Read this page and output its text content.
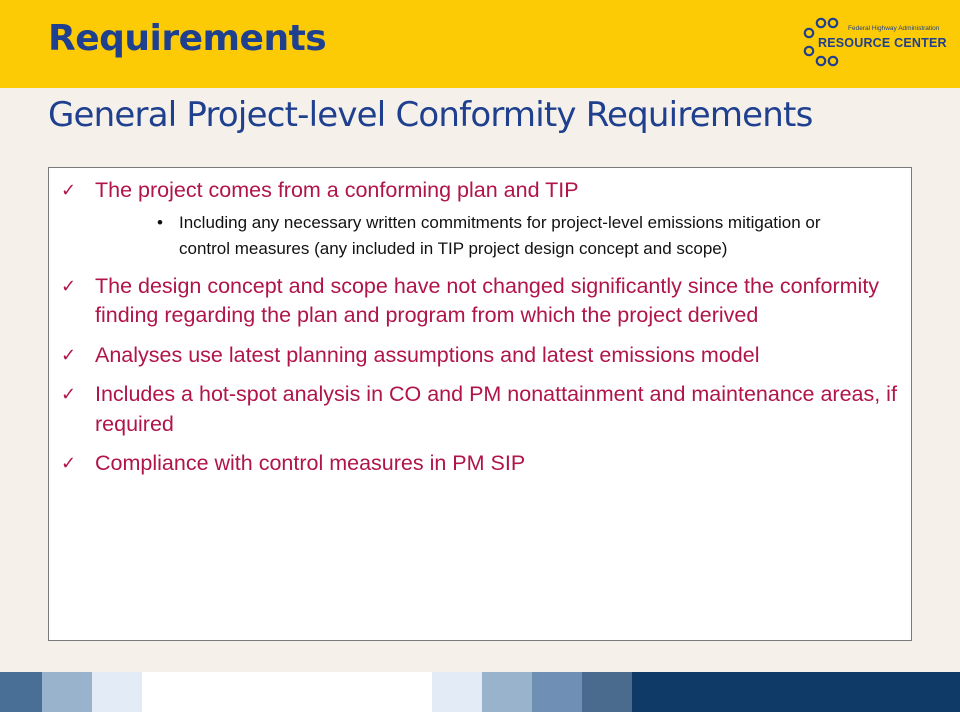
Requirements	Federal Highway Administration
RESOURCE CENTER
General Project-level Conformity Requirements
✓ The project comes from a conforming plan and TIP
• Including any necessary written commitments for project-level emissions mitigation or control measures (any included in TIP project design concept and scope)
✓ The design concept and scope have not changed significantly since the conformity finding regarding the plan and program from which the project derived
✓ Analyses use latest planning assumptions and latest emissions model
✓ Includes a hot-spot analysis in CO and PM nonattainment and maintenance areas, if required
✓ Compliance with control measures in PM SIP
